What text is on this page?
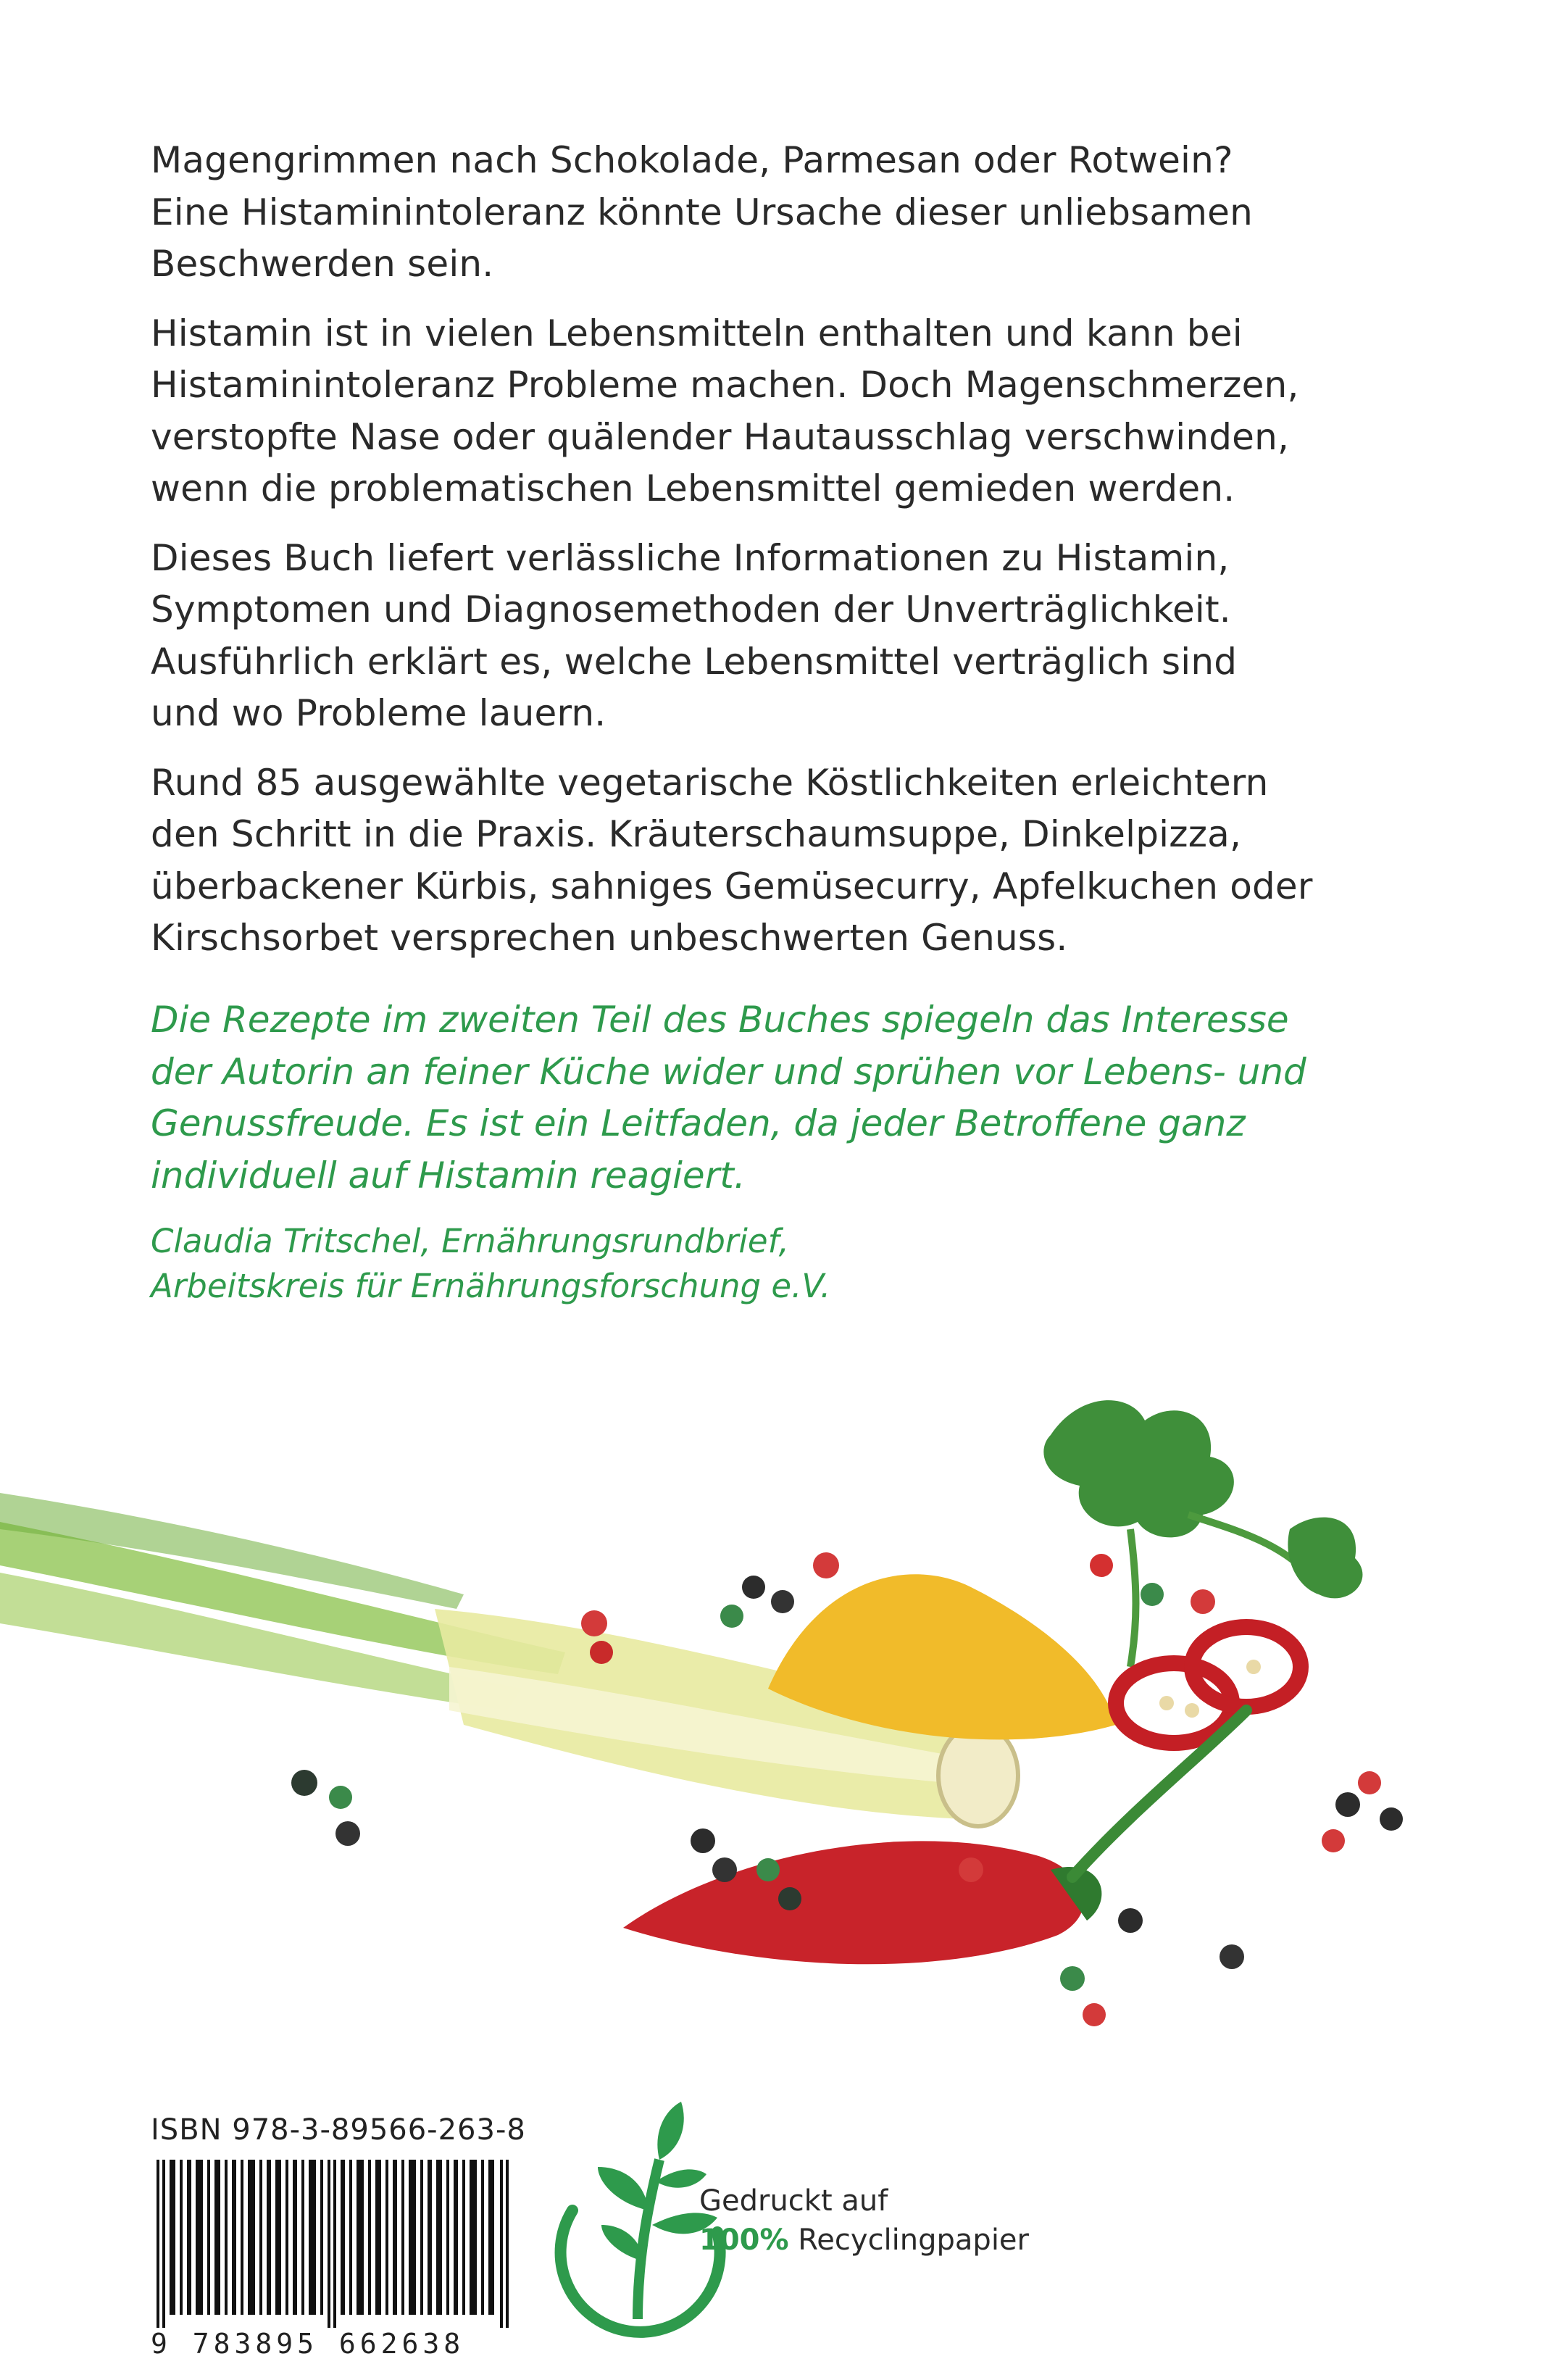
Magengrimmen nach Schokolade, Parmesan oder Rotwein?
Eine Histaminintoleranz könnte Ursache dieser unliebsamen
Beschwerden sein.

Histamin ist in vielen Lebensmitteln enthalten und kann bei
Histaminintoleranz Probleme machen. Doch Magenschmerzen,
verstopfte Nase oder quälender Hautausschlag verschwinden,
wenn die problematischen Lebensmittel gemieden werden.

Dieses Buch liefert verlässliche Informationen zu Histamin,
Symptomen und Diagnosemethoden der Unverträglichkeit.
Ausführlich erklärt es, welche Lebensmittel verträglich sind
und wo Probleme lauern.

Rund 85 ausgewählte vegetarische Köstlichkeiten erleichtern
den Schritt in die Praxis. Kräuterschaumsuppe, Dinkelpizza,
überbackener Kürbis, sahniges Gemüsecurry, Apfelkuchen oder
Kirschsorbet versprechen unbeschwerten Genuss.

Die Rezepte im zweiten Teil des Buches spiegeln das Interesse
der Autorin an feiner Küche wider und sprühen vor Lebens- und
Genussfreude. Es ist ein Leitfaden, da jeder Betroffene ganz
individuell auf Histamin reagiert.

Claudia Tritschel, Ernährungsrundbrief,
Arbeitskreis für Ernährungsforschung e.V.

ISBN 978-3-89566-263-8
9 783895 662638
Gedruckt auf
100% Recyclingpapier
